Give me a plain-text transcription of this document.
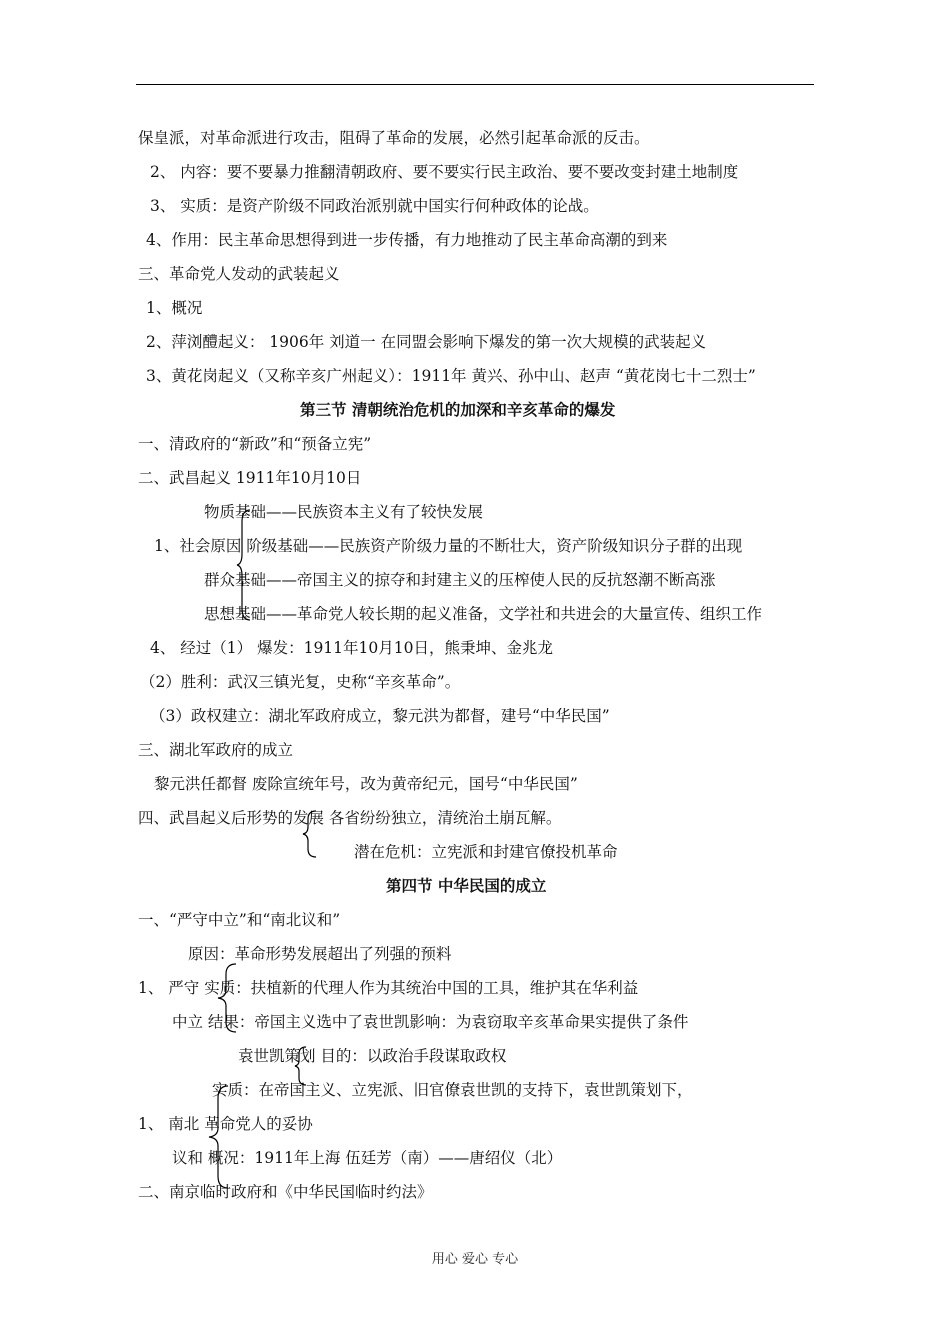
保皇派，对革命派进行攻击，阻碍了革命的发展，必然引起革命派的反击。
2、 内容：要不要暴力推翻清朝政府、要不要实行民主政治、要不要改变封建土地制度
3、 实质：是资产阶级不同政治派别就中国实行何种政体的论战。
4、作用：民主革命思想得到进一步传播，有力地推动了民主革命高潮的到来
三、革命党人发动的武装起义
1、概况
2、萍浏醴起义： 1906年 刘道一 在同盟会影响下爆发的第一次大规模的武装起义
3、黄花岗起义（又称辛亥广州起义）：1911年 黄兴、孙中山、赵声 “黄花岗七十二烈士”
第三节 清朝统治危机的加深和辛亥革命的爆发
一、清政府的“新政”和“预备立宪”
二、武昌起义 1911年10月10日
物质基础——民族资本主义有了较快发展
1、社会原因 阶级基础——民族资产阶级力量的不断壮大，资产阶级知识分子群的出现
群众基础——帝国主义的掠夺和封建主义的压榨使人民的反抗怒潮不断高涨
思想基础——革命党人较长期的起义准备，文学社和共进会的大量宣传、组织工作
4、 经过（1） 爆发：1911年10月10日，熊秉坤、金兆龙
（2）胜利：武汉三镇光复，史称“辛亥革命”。
（3）政权建立：湖北军政府成立，黎元洪为都督，建号“中华民国”
三、湖北军政府的成立
黎元洪任都督 废除宣统年号，改为黄帝纪元，国号“中华民国”
四、武昌起义后形势的发展 各省纷纷独立，清统治土崩瓦解。
潜在危机：立宪派和封建官僚投机革命
第四节 中华民国的成立
一、“严守中立”和“南北议和”
原因：革命形势发展超出了列强的预料
1、 严守 实质：扶植新的代理人作为其统治中国的工具，维护其在华利益
中立 结果：帝国主义选中了袁世凯影响：为袁窃取辛亥革命果实提供了条件
袁世凯策划 目的：以政治手段谋取政权
实质：在帝国主义、立宪派、旧官僚袁世凯的支持下，袁世凯策划下，
1、 南北 革命党人的妥协
议和 概况：1911年上海 伍廷芳（南）——唐绍仪（北）
二、南京临时政府和《中华民国临时约法》
用心 爱心 专心
